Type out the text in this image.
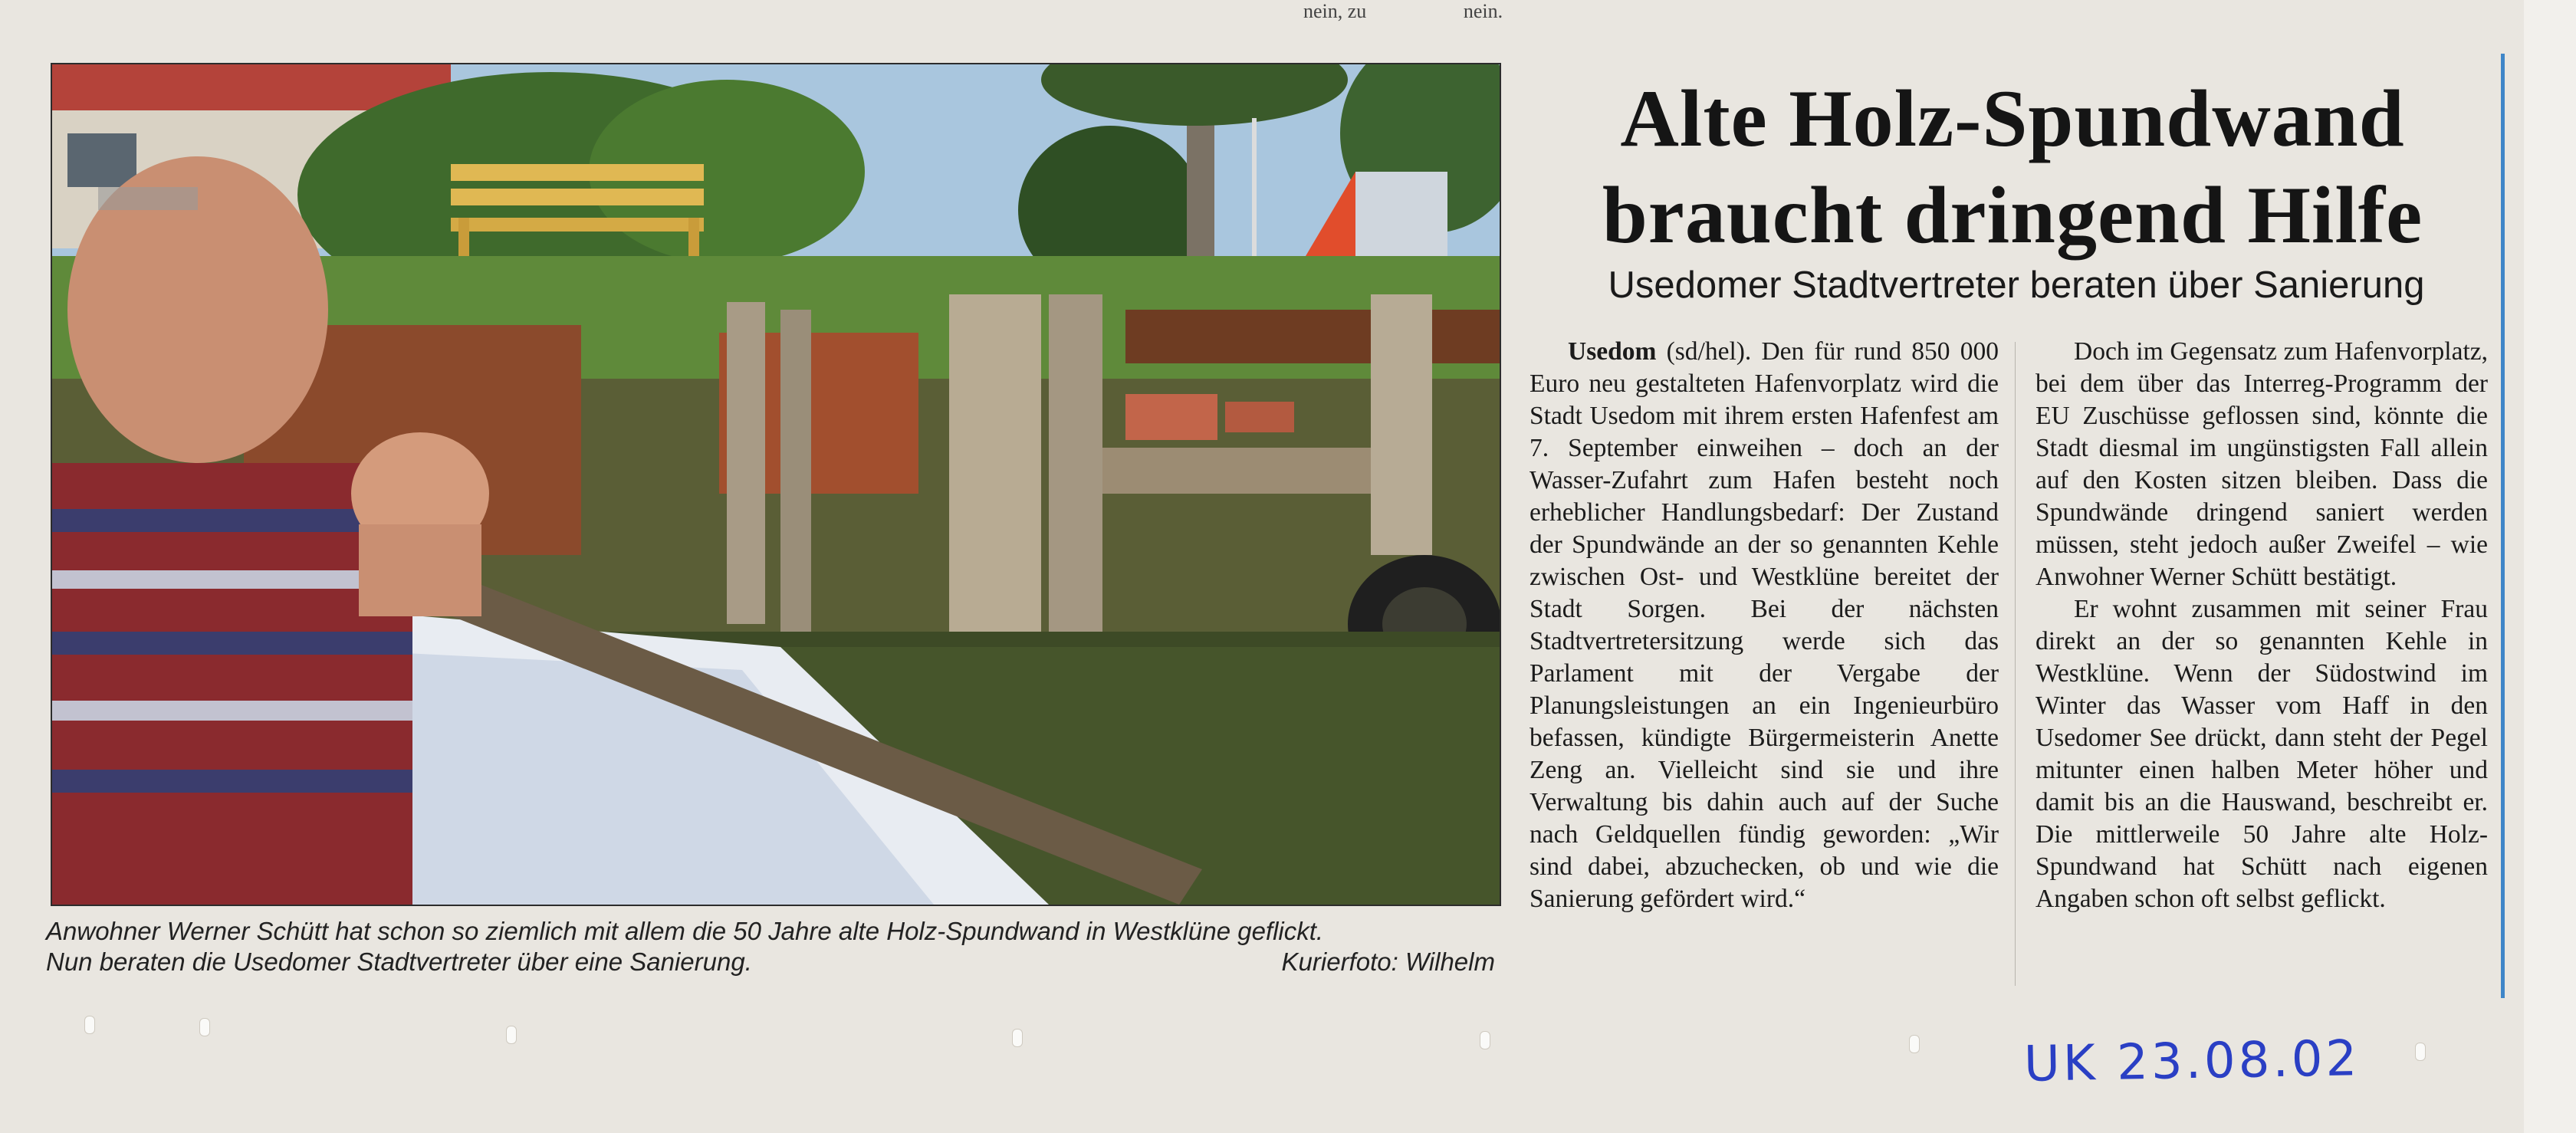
nein, zu	nein.
Anwohner Werner Schütt hat schon so ziemlich mit allem die 50 Jahre alte Holz-Spundwand in Westklüne geflickt.
Nun beraten die Usedomer Stadtvertreter über eine Sanierung.	Kurierfoto: Wilhelm
Alte Holz-Spundwand
braucht dringend Hilfe
Usedomer Stadtvertreter beraten über Sanierung

Usedom (sd/hel). Den für rund 850 000 Euro neu gestalteten Hafenvorplatz wird die Stadt Usedom mit ihrem ersten Hafenfest am 7. September einweihen – doch an der Wasser-Zufahrt zum Hafen besteht noch erheblicher Handlungsbedarf: Der Zustand der Spundwände an der so genannten Kehle zwischen Ost- und Westklüne bereitet der Stadt Sorgen. Bei der nächsten Stadtvertretersitzung werde sich das Parlament mit der Vergabe der Planungsleistungen an ein Ingenieurbüro befassen, kündigte Bürgermeisterin Anette Zeng an. Vielleicht sind sie und ihre Verwaltung bis dahin auch auf der Suche nach Geldquellen fündig geworden: „Wir sind dabei, abzuchecken, ob und wie die Sanierung gefördert wird.“

Doch im Gegensatz zum Hafenvorplatz, bei dem über das Interreg-Programm der EU Zuschüsse geflossen sind, könnte die Stadt diesmal im ungünstigsten Fall allein auf den Kosten sitzen bleiben. Dass die Spundwände dringend saniert werden müssen, steht jedoch außer Zweifel – wie Anwohner Werner Schütt bestätigt.

Er wohnt zusammen mit seiner Frau direkt an der so genannten Kehle in Westklüne. Wenn der Südostwind im Winter das Wasser vom Haff in den Usedomer See drückt, dann steht der Pegel mitunter einen halben Meter höher und damit bis an die Hauswand, beschreibt er. Die mittlerweile 50 Jahre alte Holz-Spundwand hat Schütt nach eigenen Angaben schon oft selbst geflickt.

UK 23.08.02
